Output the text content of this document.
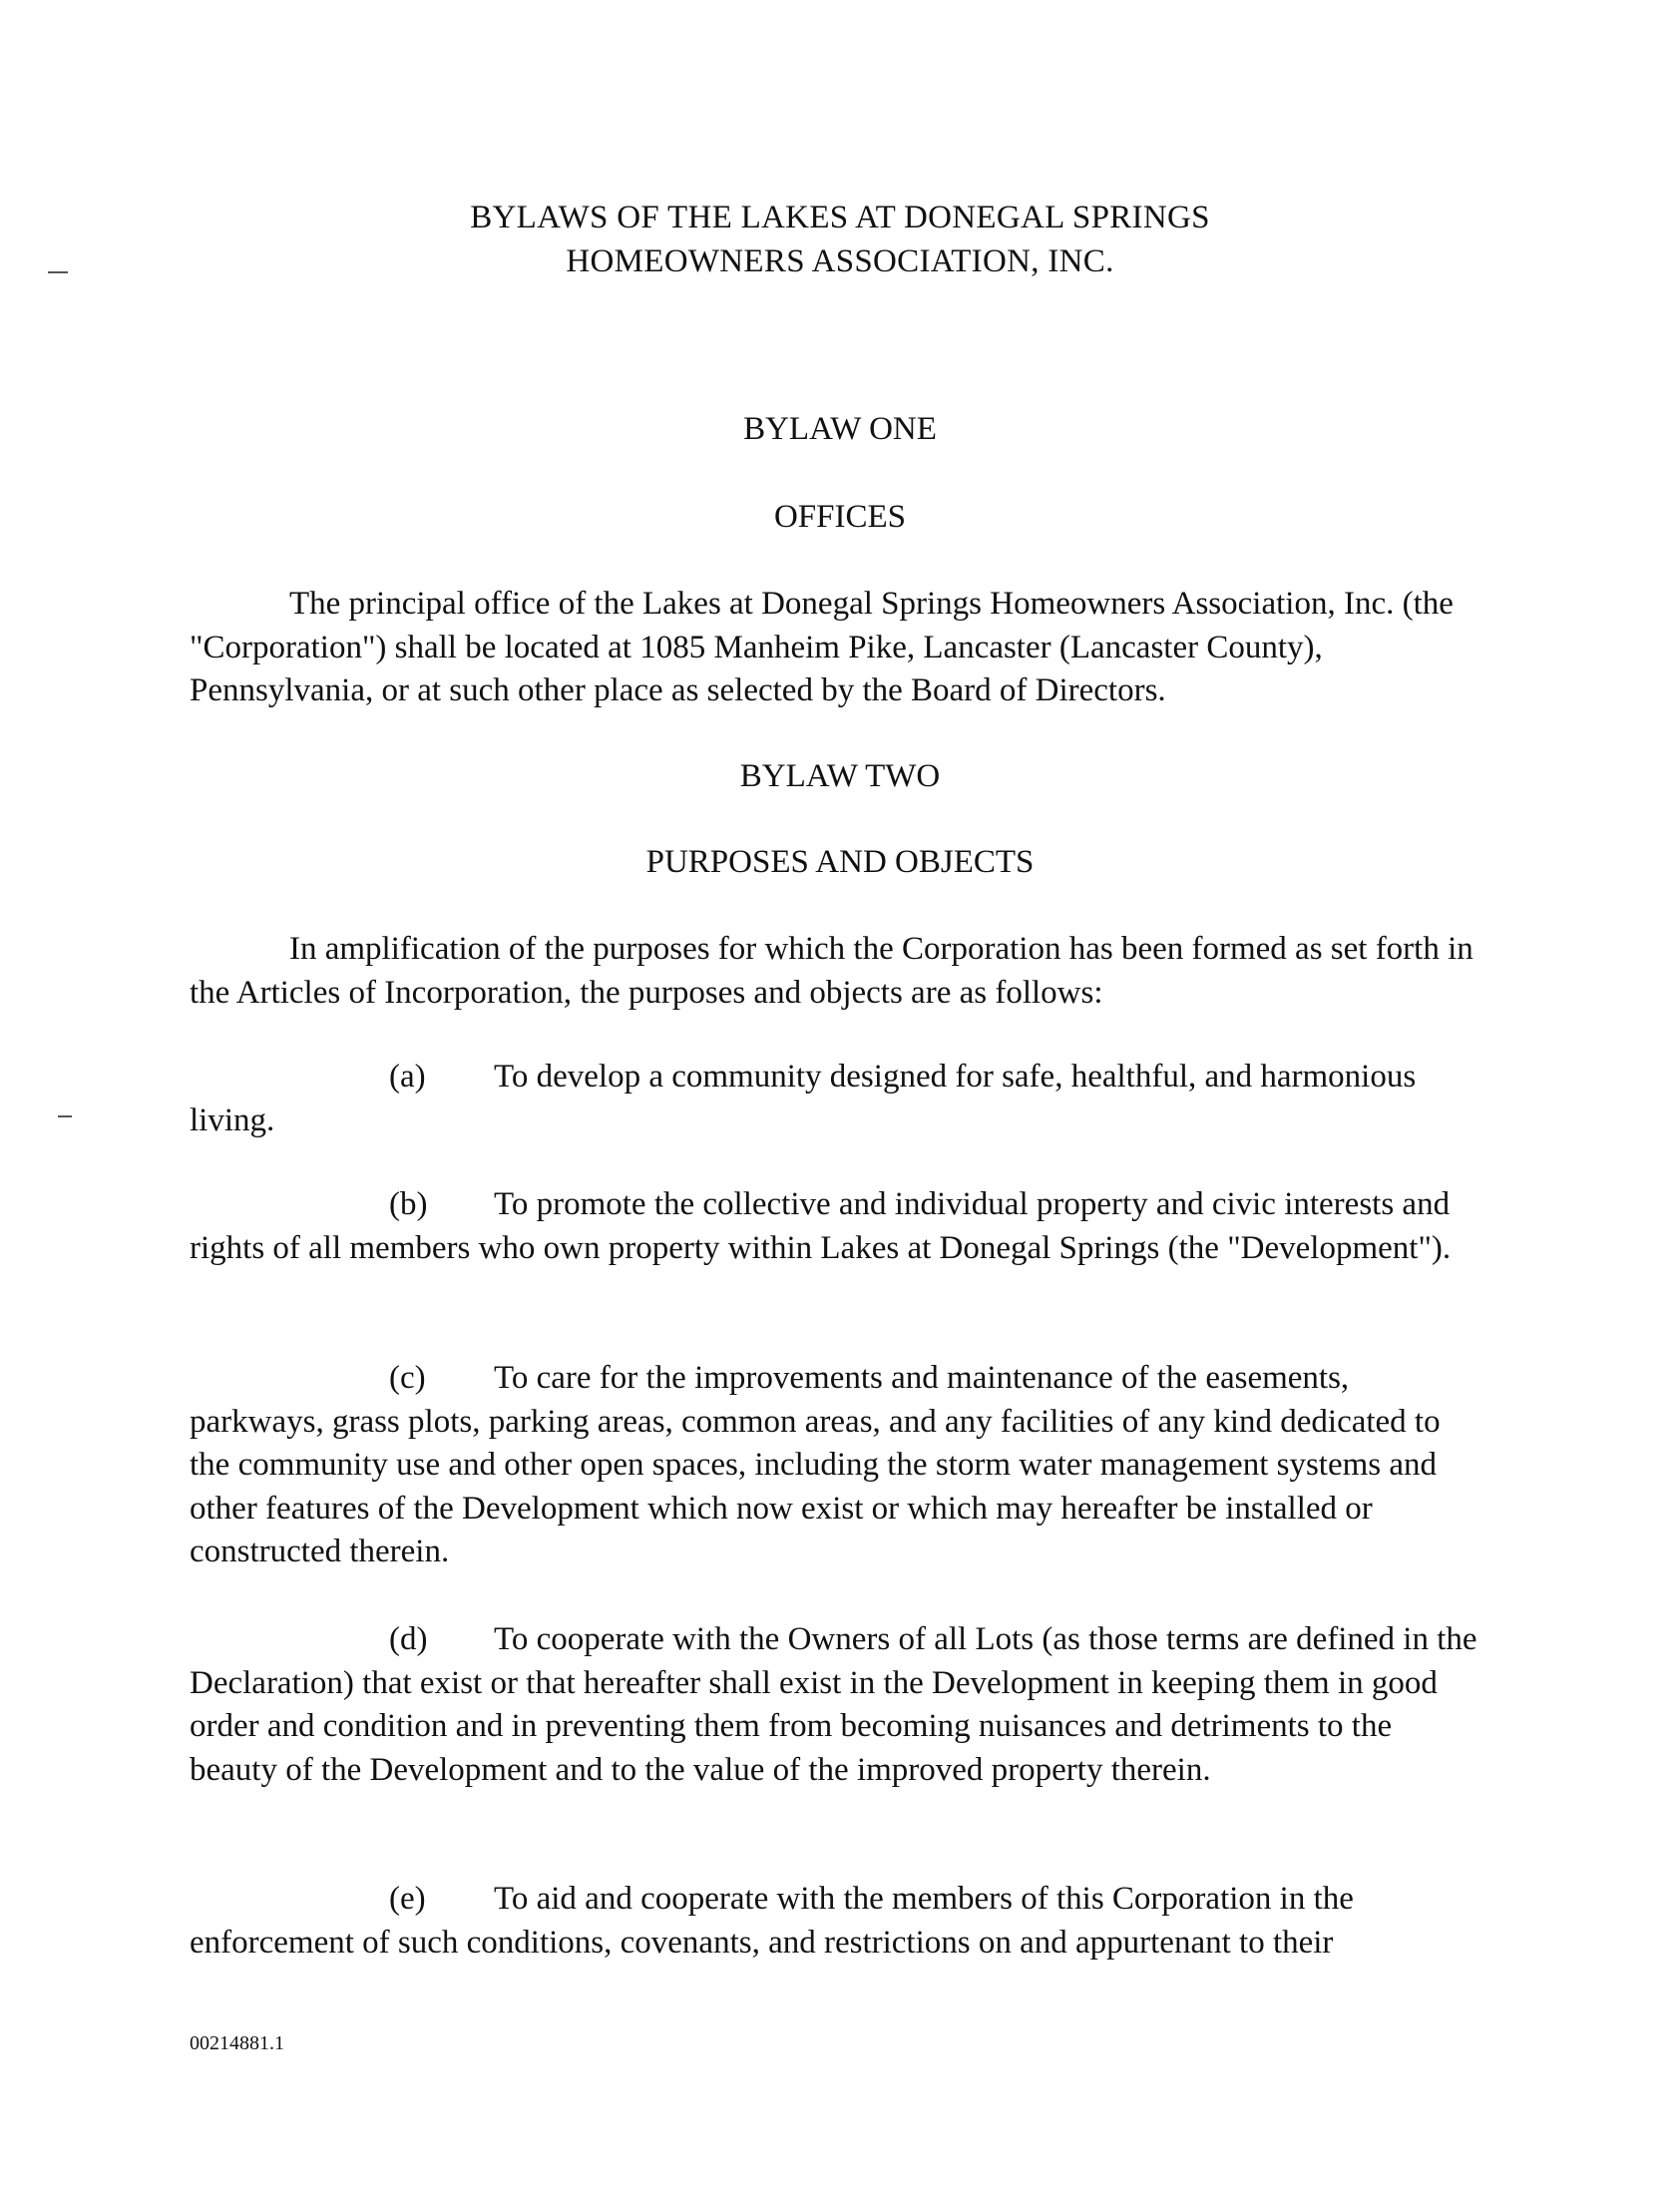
BYLAWS OF THE LAKES AT DONEGAL SPRINGS
HOMEOWNERS ASSOCIATION, INC.
BYLAW ONE
OFFICES

The principal office of the Lakes at Donegal Springs Homeowners Association, Inc. (the "Corporation") shall be located at 1085 Manheim Pike, Lancaster (Lancaster County), Pennsylvania, or at such other place as selected by the Board of Directors.

BYLAW TWO
PURPOSES AND OBJECTS

In amplification of the purposes for which the Corporation has been formed as set forth in the Articles of Incorporation, the purposes and objects are as follows:

(a) To develop a community designed for safe, healthful, and harmonious living.

(b) To promote the collective and individual property and civic interests and rights of all members who own property within Lakes at Donegal Springs (the "Development").

(c) To care for the improvements and maintenance of the easements, parkways, grass plots, parking areas, common areas, and any facilities of any kind dedicated to the community use and other open spaces, including the storm water management systems and other features of the Development which now exist or which may hereafter be installed or constructed therein.

(d) To cooperate with the Owners of all Lots (as those terms are defined in the Declaration) that exist or that hereafter shall exist in the Development in keeping them in good order and condition and in preventing them from becoming nuisances and detriments to the beauty of the Development and to the value of the improved property therein.

(e) To aid and cooperate with the members of this Corporation in the enforcement of such conditions, covenants, and restrictions on and appurtenant to their

00214881.1
